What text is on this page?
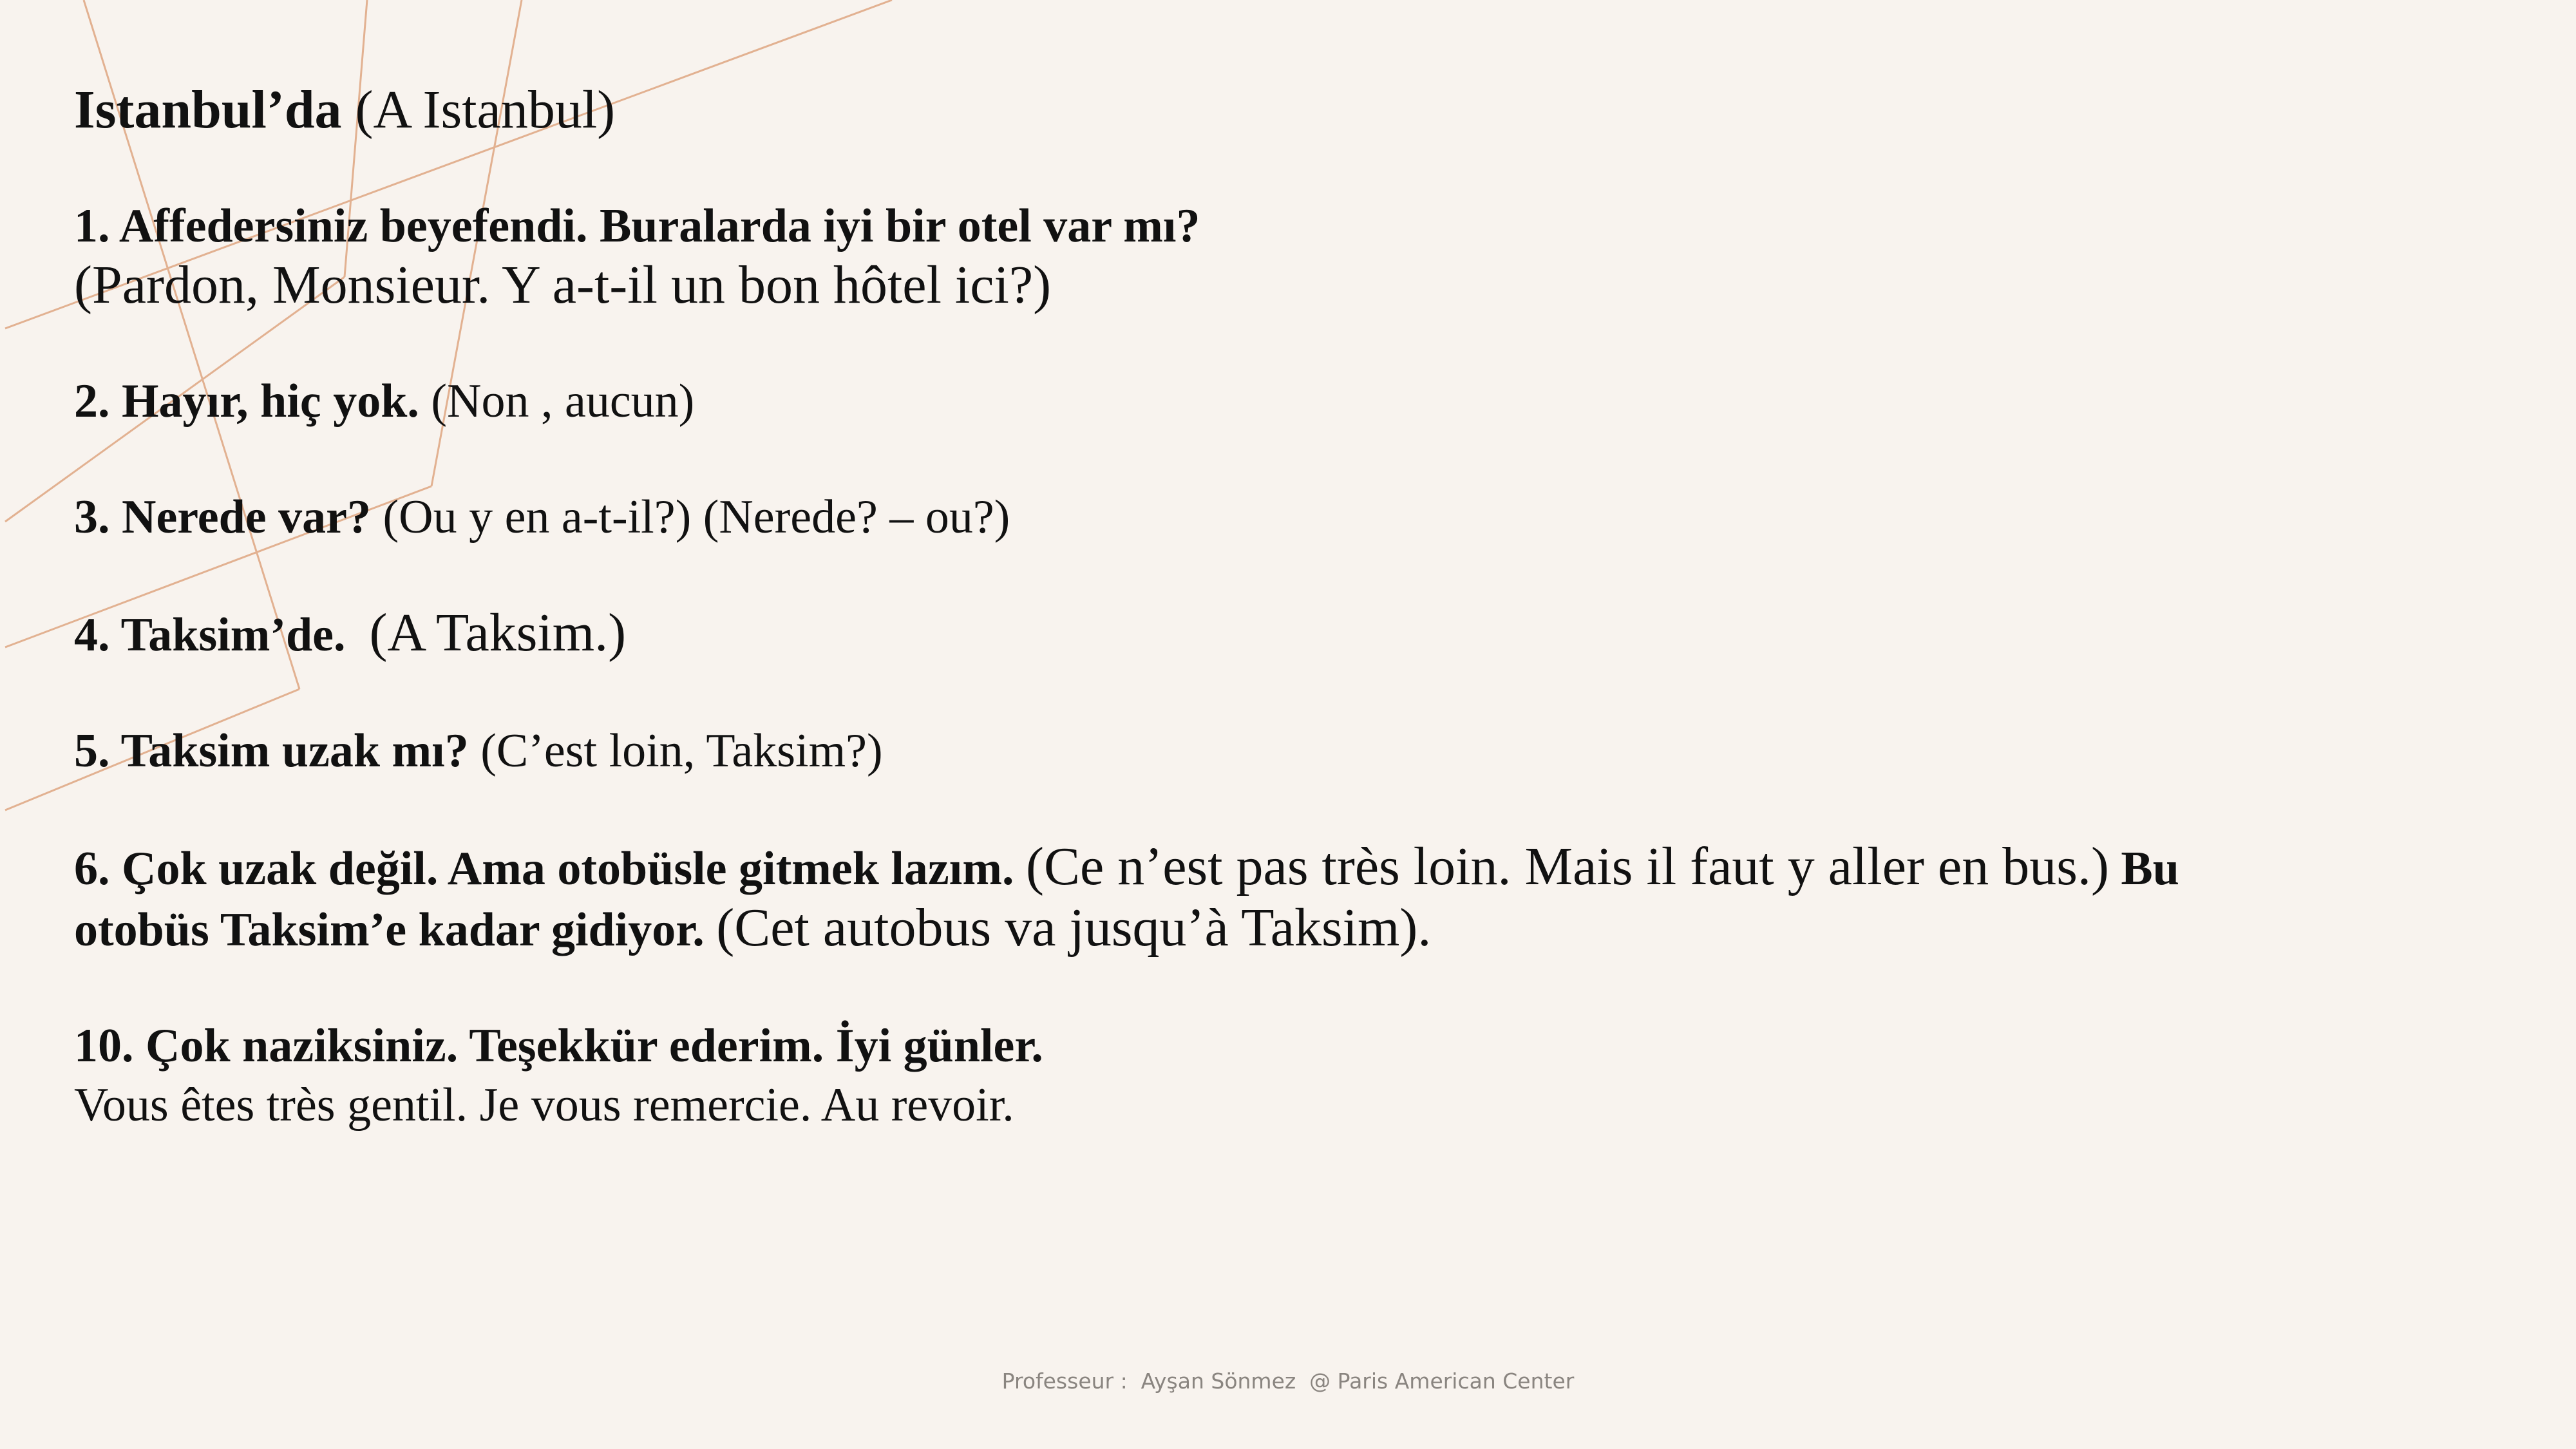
Istanbul’da (A Istanbul)
1. Affedersiniz beyefendi. Buralarda iyi bir otel var mı?
(Pardon, Monsieur. Y a-t-il un bon hôtel ici?)
2. Hayır, hiç yok. (Non , aucun)
3. Nerede var? (Ou y en a-t-il?) (Nerede? – ou?)
4. Taksim’de. (A Taksim.)
5. Taksim uzak mı? (C’est loin, Taksim?)
6. Çok uzak değil. Ama otobüsle gitmek lazım. (Ce n’est pas très loin. Mais il faut y aller en bus.) Bu
otobüs Taksim’e kadar gidiyor. (Cet autobus va jusqu’à Taksim).
10. Çok naziksiniz. Teşekkür ederim. İyi günler.
Vous êtes très gentil. Je vous remercie. Au revoir.
Professeur :  Ayşan Sönmez  @ Paris American Center
